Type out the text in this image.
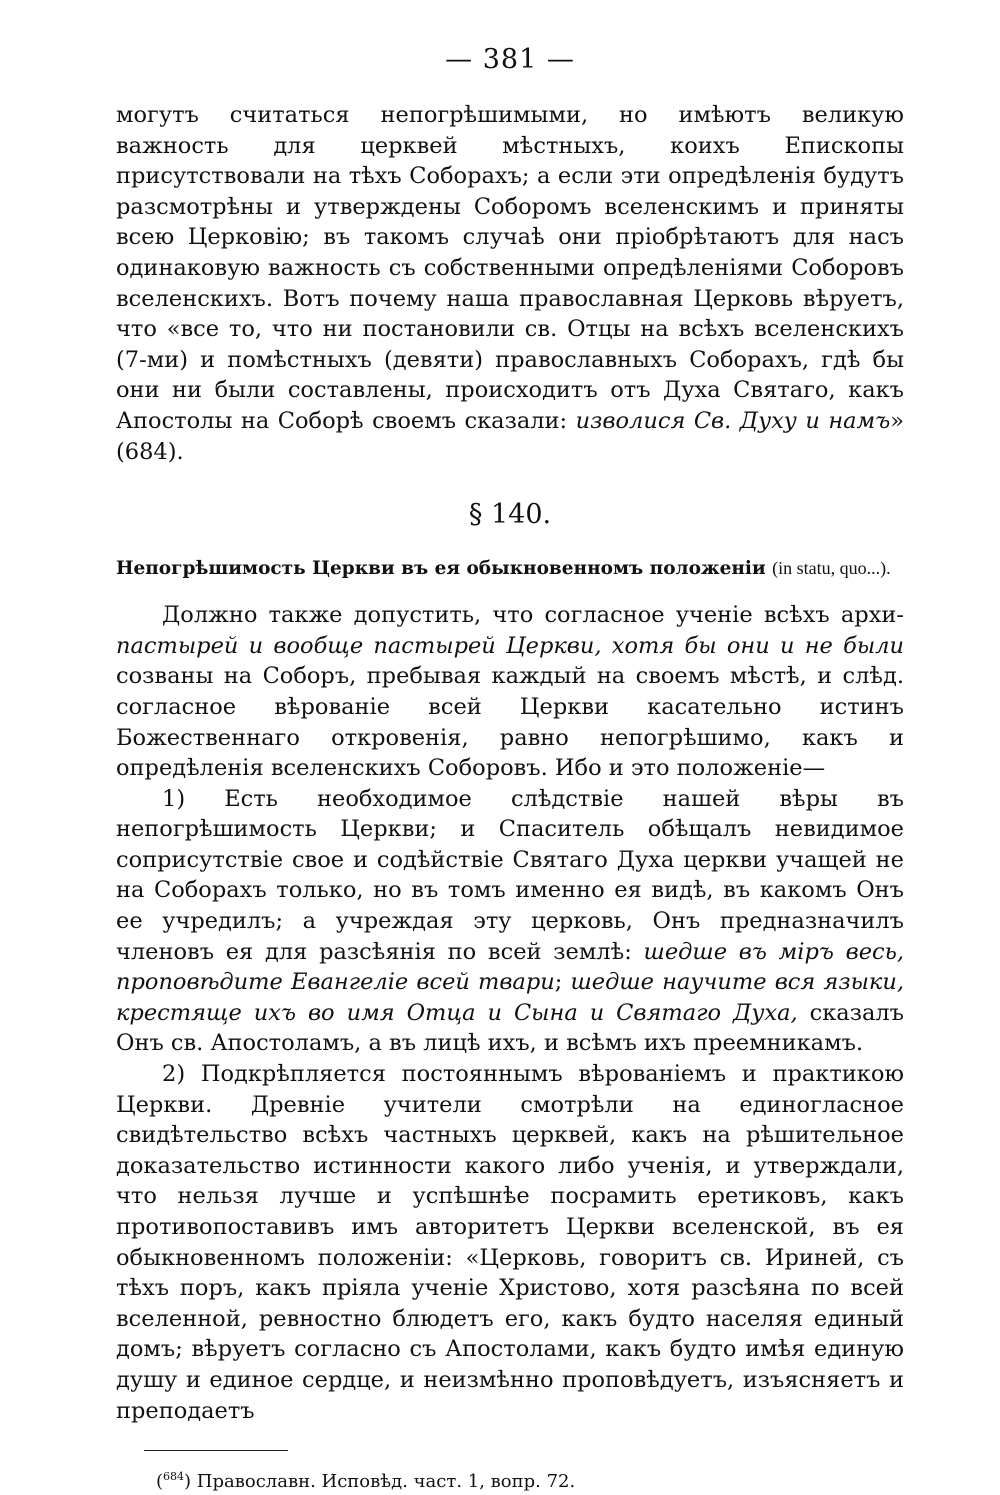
— 381 —

могутъ считаться непогрѣшимыми, но имѣютъ великую важность для церквей мѣстныхъ, коихъ Епископы присутствовали на тѣхъ Соборахъ; а если эти опредѣленія будутъ разсмотрѣны и утверждены Соборомъ вселенскимъ и приняты всею Церковію; въ такомъ случаѣ они пріобрѣтаютъ для насъ одинаковую важность съ собственными опредѣленіями Соборовъ вселенскихъ. Вотъ почему наша православная Церковь вѣруетъ, что «все то, что ни постановили св. Отцы на всѣхъ вселенскихъ (7-ми) и помѣстныхъ (девяти) православныхъ Соборахъ, гдѣ бы они ни были составлены, происходитъ отъ Духа Святаго, какъ Апостолы на Соборѣ своемъ сказали: изволися Св. Духу и намъ» (684).

§ 140.
Непогрѣшимость Церкви въ ея обыкновенномъ положеніи (in statu, quo...).

Должно также допустить, что согласное ученіе всѣхъ архи- пастырей и вообще пастырей Церкви, хотя бы они и не были созваны на Соборъ, пребывая каждый на своемъ мѣстѣ, и слѣд. согласное вѣрованіе всей Церкви касательно истинъ Божественнаго откровенія, равно непогрѣшимо, какъ и опредѣленія вселенскихъ Соборовъ. Ибо и это положеніе—

1) Есть необходимое слѣдствіе нашей вѣры въ непогрѣшимость Церкви; и Спаситель обѣщалъ невидимое соприсутствіе свое и содѣйствіе Святаго Духа церкви учащей не на Соборахъ только, но въ томъ именно ея видѣ, въ какомъ Онъ ее учредилъ; а учреждая эту церковь, Онъ предназначилъ членовъ ея для разсѣянія по всей землѣ: шедше въ міръ весь, проповѣдите Евангеліе всей твари; шедше научите вся языки, крестяще ихъ во имя Отца и Сына и Святаго Духа, сказалъ Онъ св. Апостоламъ, а въ лицѣ ихъ, и всѣмъ ихъ преемникамъ.

2) Подкрѣпляется постояннымъ вѣрованіемъ и практикою Церкви. Древніе учители смотрѣли на единогласное свидѣтельство всѣхъ частныхъ церквей, какъ на рѣшительное доказательство истинности какого либо ученія, и утверждали, что нельзя лучше и успѣшнѣе посрамить еретиковъ, какъ противопоставивъ имъ авторитетъ Церкви вселенской, въ ея обыкновенномъ положеніи: «Церковь, говоритъ св. Ириней, съ тѣхъ поръ, какъ пріяла ученіе Христово, хотя разсѣяна по всей вселенной, ревностно блюдетъ его, какъ будто населяя единый домъ; вѣруетъ согласно съ Апостолами, какъ будто имѣя единую душу и единое сердце, и неизмѣнно проповѣдуетъ, изъясняетъ и преподаетъ

($^{684}$) Православн. Исповѣд. част. 1, вопр. 72.
